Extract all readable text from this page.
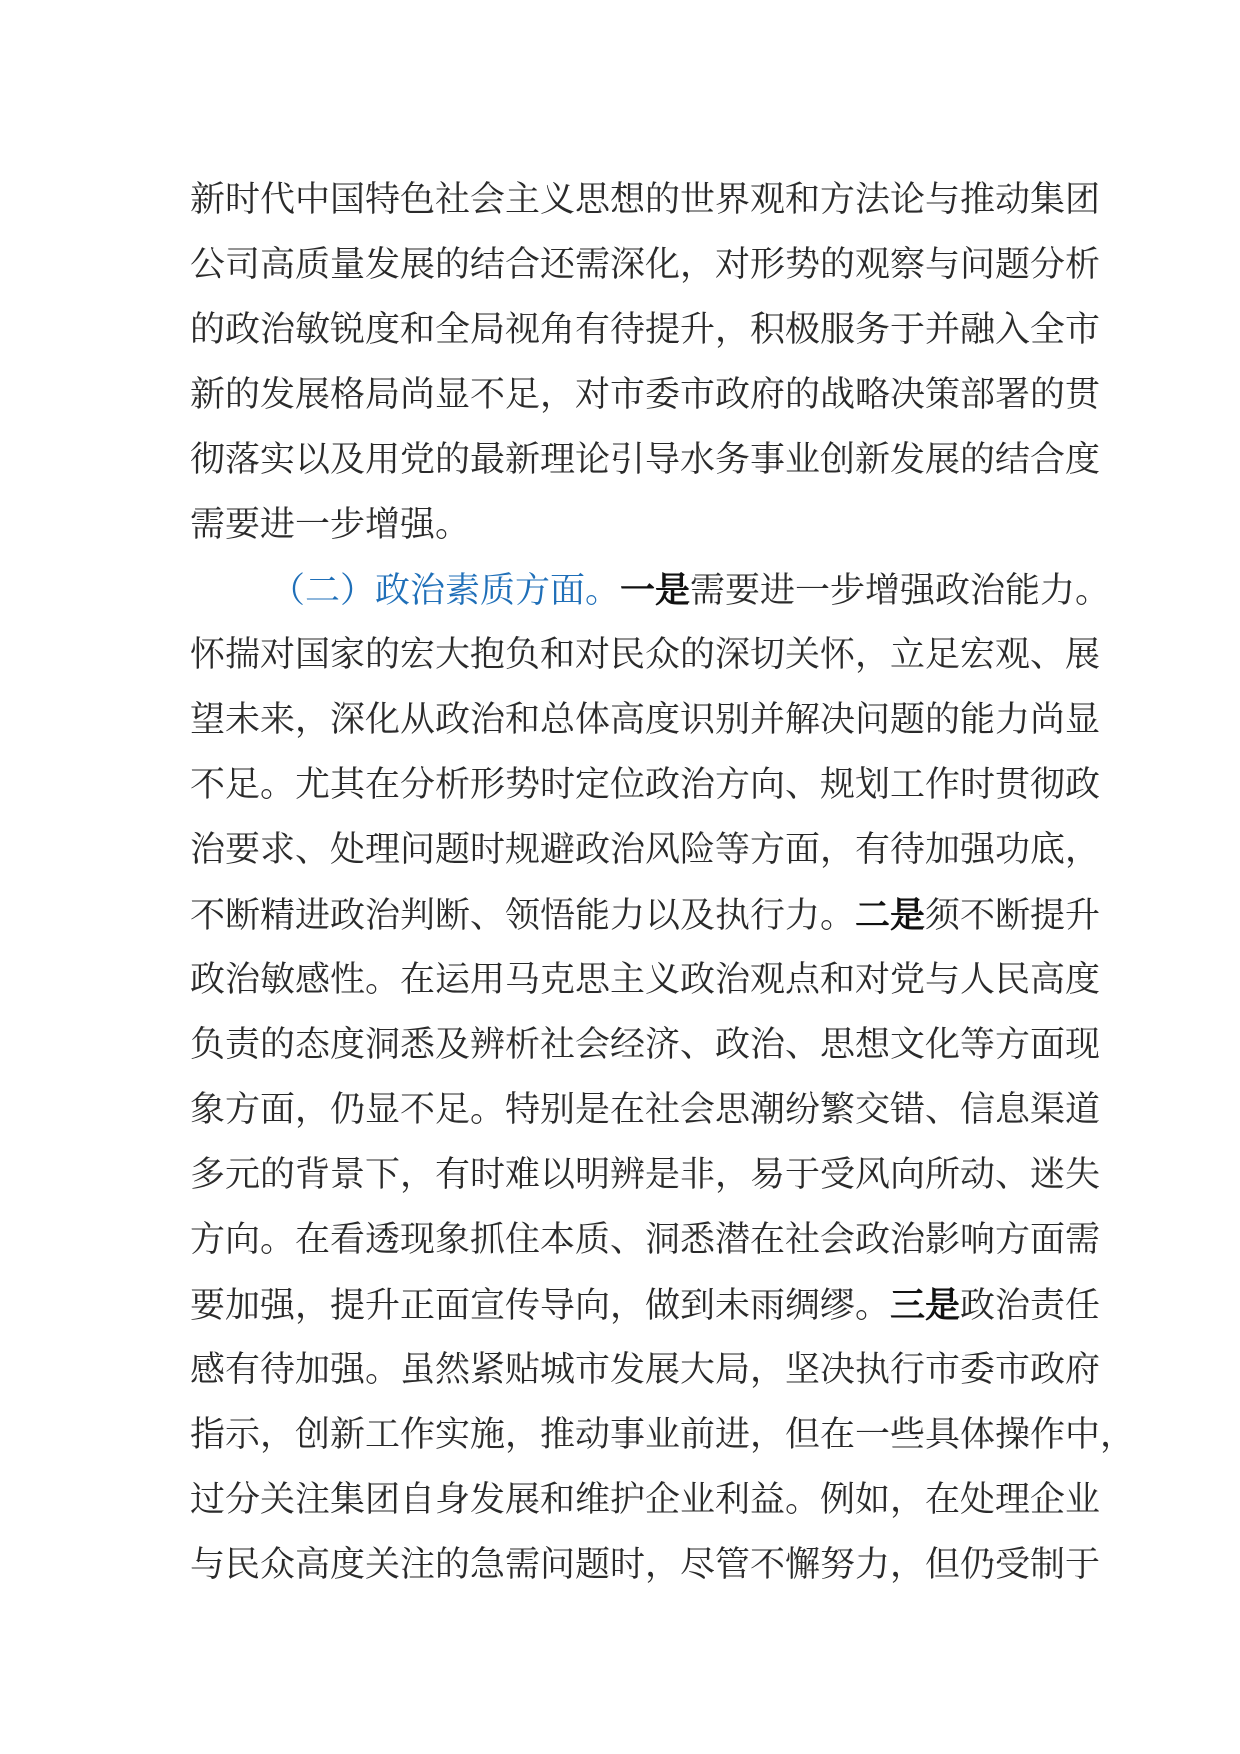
新时代中国特色社会主义思想的世界观和方法论与推动集团
公司高质量发展的结合还需深化，对形势的观察与问题分析
的政治敏锐度和全局视角有待提升，积极服务于并融入全市
新的发展格局尚显不足，对市委市政府的战略决策部署的贯
彻落实以及用党的最新理论引导水务事业创新发展的结合度
需要进一步增强。
（二）政治素质方面。一是需要进一步增强政治能力。
怀揣对国家的宏大抱负和对民众的深切关怀，立足宏观、展
望未来，深化从政治和总体高度识别并解决问题的能力尚显
不足。尤其在分析形势时定位政治方向、规划工作时贯彻政
治要求、处理问题时规避政治风险等方面，有待加强功底，
不断精进政治判断、领悟能力以及执行力。二是须不断提升
政治敏感性。在运用马克思主义政治观点和对党与人民高度
负责的态度洞悉及辨析社会经济、政治、思想文化等方面现
象方面，仍显不足。特别是在社会思潮纷繁交错、信息渠道
多元的背景下，有时难以明辨是非，易于受风向所动、迷失
方向。在看透现象抓住本质、洞悉潜在社会政治影响方面需
要加强，提升正面宣传导向，做到未雨绸缪。三是政治责任
感有待加强。虽然紧贴城市发展大局，坚决执行市委市政府
指示，创新工作实施，推动事业前进，但在一些具体操作中，
过分关注集团自身发展和维护企业利益。例如，在处理企业
与民众高度关注的急需问题时，尽管不懈努力，但仍受制于
